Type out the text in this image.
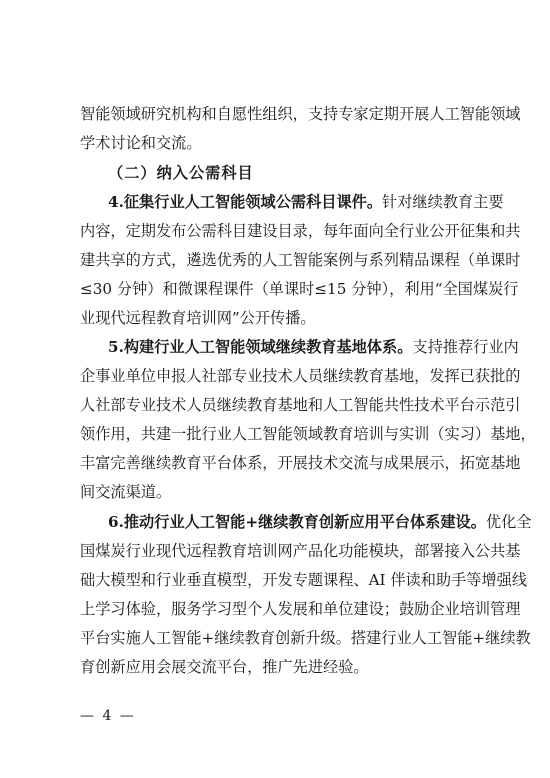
智能领域研究机构和自愿性组织，支持专家定期开展人工智能领域
学术讨论和交流。
（二）纳入公需科目
4.征集行业人工智能领域公需科目课件。针对继续教育主要
内容，定期发布公需科目建设目录，每年面向全行业公开征集和共
建共享的方式，遴选优秀的人工智能案例与系列精品课程（单课时
≤30 分钟）和微课程课件（单课时≤15 分钟），利用“全国煤炭行
业现代远程教育培训网”公开传播。
5.构建行业人工智能领域继续教育基地体系。支持推荐行业内
企事业单位申报人社部专业技术人员继续教育基地，发挥已获批的
人社部专业技术人员继续教育基地和人工智能共性技术平台示范引
领作用，共建一批行业人工智能领域教育培训与实训（实习）基地，
丰富完善继续教育平台体系，开展技术交流与成果展示，拓宽基地
间交流渠道。
6.推动行业人工智能+继续教育创新应用平台体系建设。优化全
国煤炭行业现代远程教育培训网产品化功能模块，部署接入公共基
础大模型和行业垂直模型，开发专题课程、AI 伴读和助手等增强线
上学习体验，服务学习型个人发展和单位建设；鼓励企业培训管理
平台实施人工智能+继续教育创新升级。搭建行业人工智能+继续教
育创新应用会展交流平台，推广先进经验。
— 4 —
